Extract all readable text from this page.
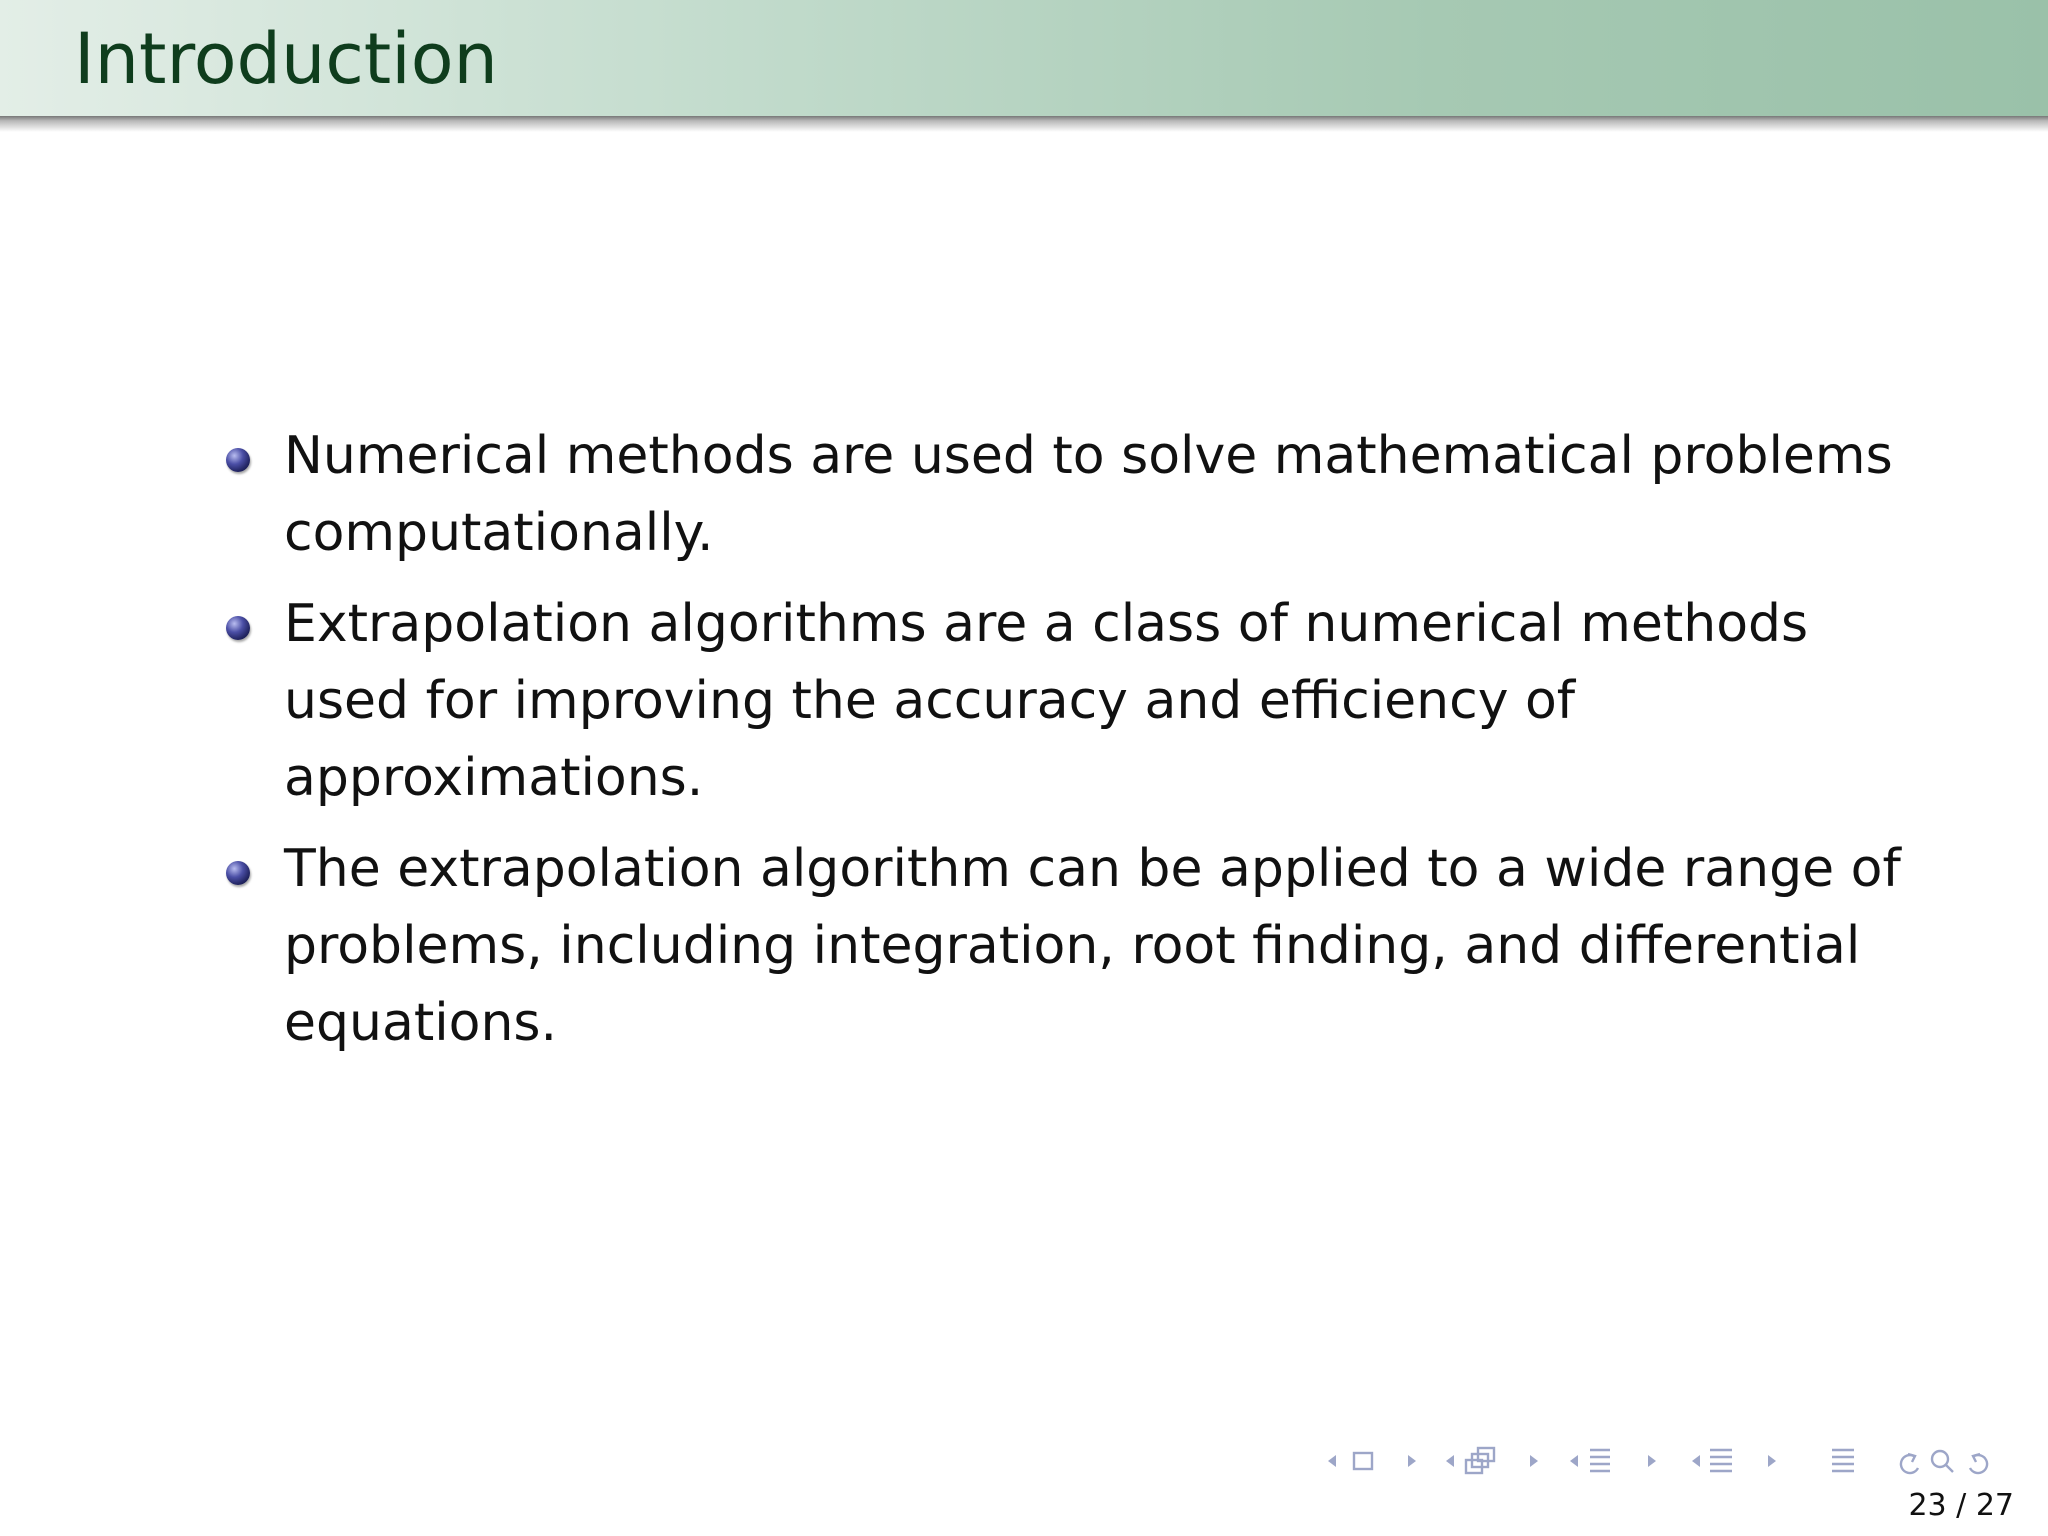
Introduction
Numerical methods are used to solve mathematical problems computationally.
Extrapolation algorithms are a class of numerical methods used for improving the accuracy and efficiency of approximations.
The extrapolation algorithm can be applied to a wide range of problems, including integration, root finding, and differential equations.
23 / 27
